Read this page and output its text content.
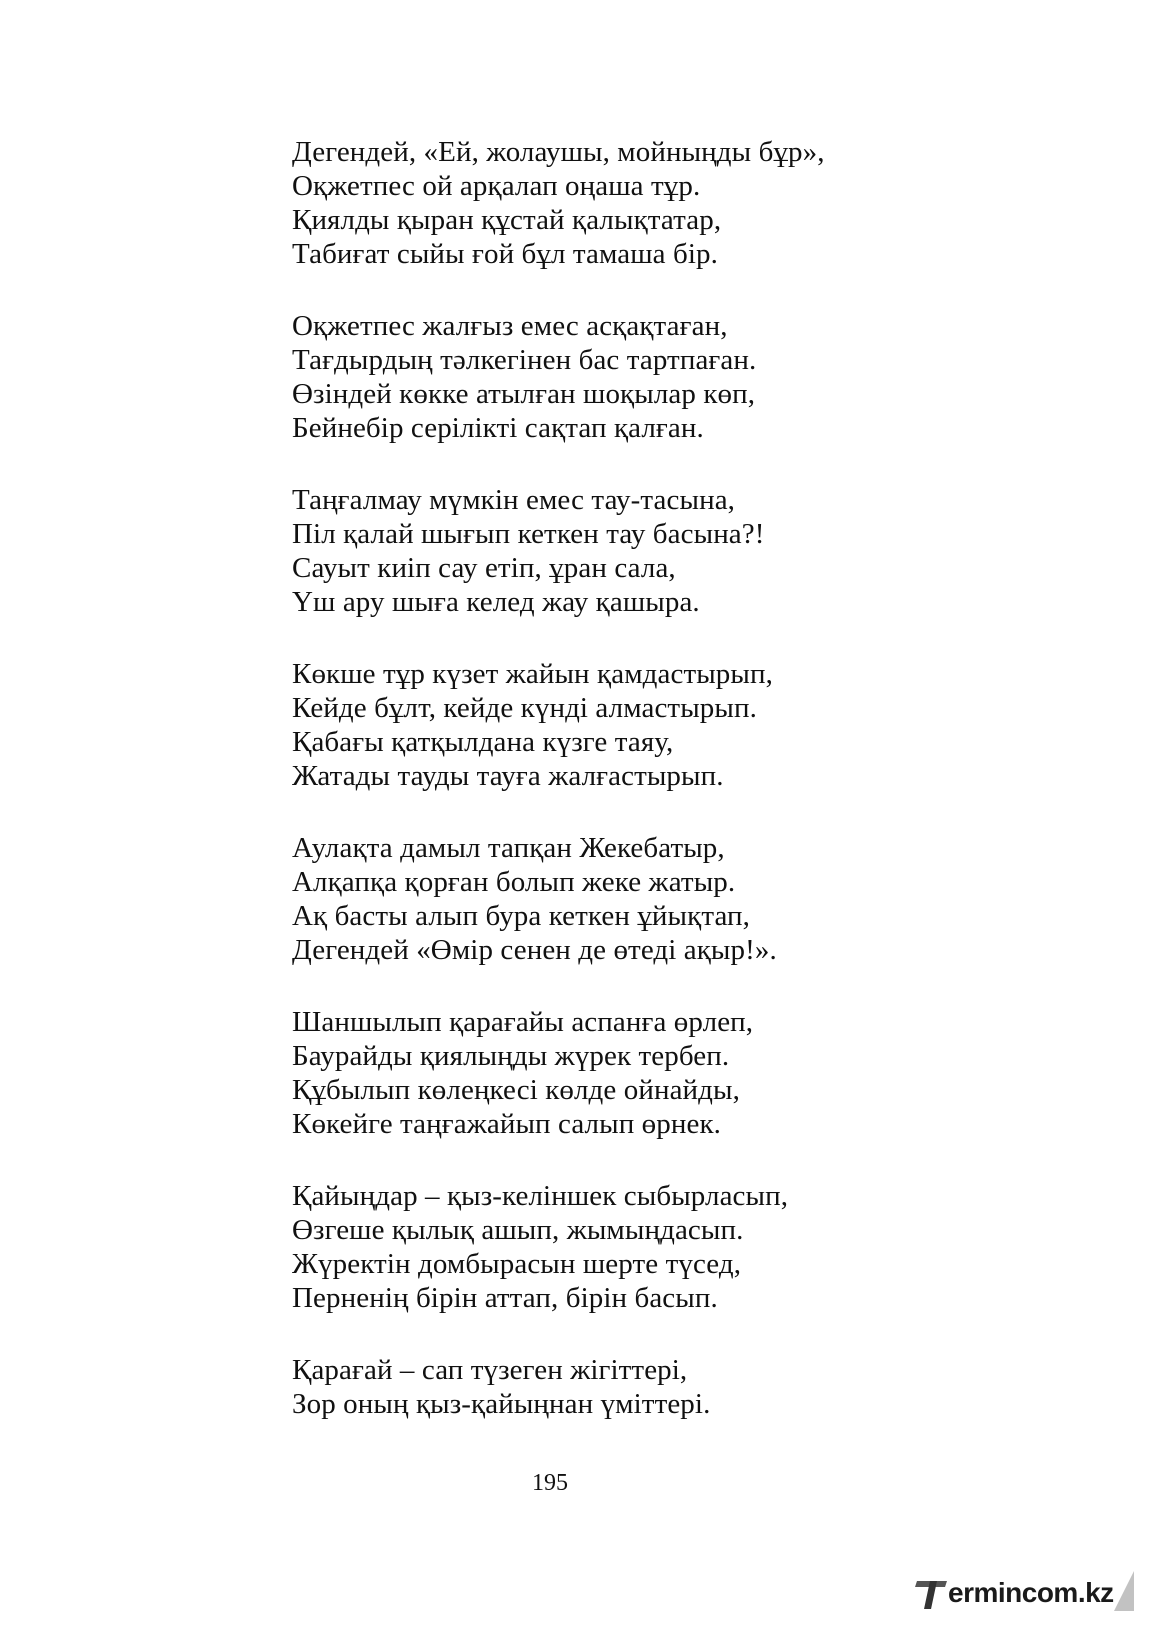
Дегендей, «Ей, жолаушы, мойныңды бұр»,
Оқжетпес ой арқалап оңаша тұр.
Қиялды қыран құстай қалықтатар,
Табиғат сыйы ғой бұл тамаша бір.
Оқжетпес жалғыз емес асқақтаған,
Тағдырдың тәлкегінен бас тартпаған.
Өзіндей көкке атылған шоқылар көп,
Бейнебір серілікті сақтап қалған.
Таңғалмау мүмкін емес тау-тасына,
Піл қалай шығып кеткен тау басына?!
Сауыт киіп сау етіп, ұран сала,
Үш ару шыға келед жау қашыра.
Көкше тұр күзет жайын қамдастырып,
Кейде бұлт, кейде күнді алмастырып.
Қабағы қатқылдана күзге таяу,
Жатады тауды тауға жалғастырып.
Аулақта дамыл тапқан Жекебатыр,
Алқапқа қорған болып жеке жатыр.
Ақ басты алып бура кеткен ұйықтап,
Дегендей «Өмір сенен де өтеді ақыр!».
Шаншылып қарағайы аспанға өрлеп,
Баурайды қиялыңды жүрек тербеп.
Құбылып көлеңкесі көлде ойнайды,
Көкейге таңғажайып салып өрнек.
Қайыңдар – қыз-келіншек сыбырласып,
Өзгеше қылық ашып, жымыңдасып.
Жүректін домбырасын шерте түсед,
Перненің бірін аттап, бірін басып.
Қарағай – сап түзеген жігіттері,
Зор оның қыз-қайыңнан үміттері.
195
ermincom.kz
